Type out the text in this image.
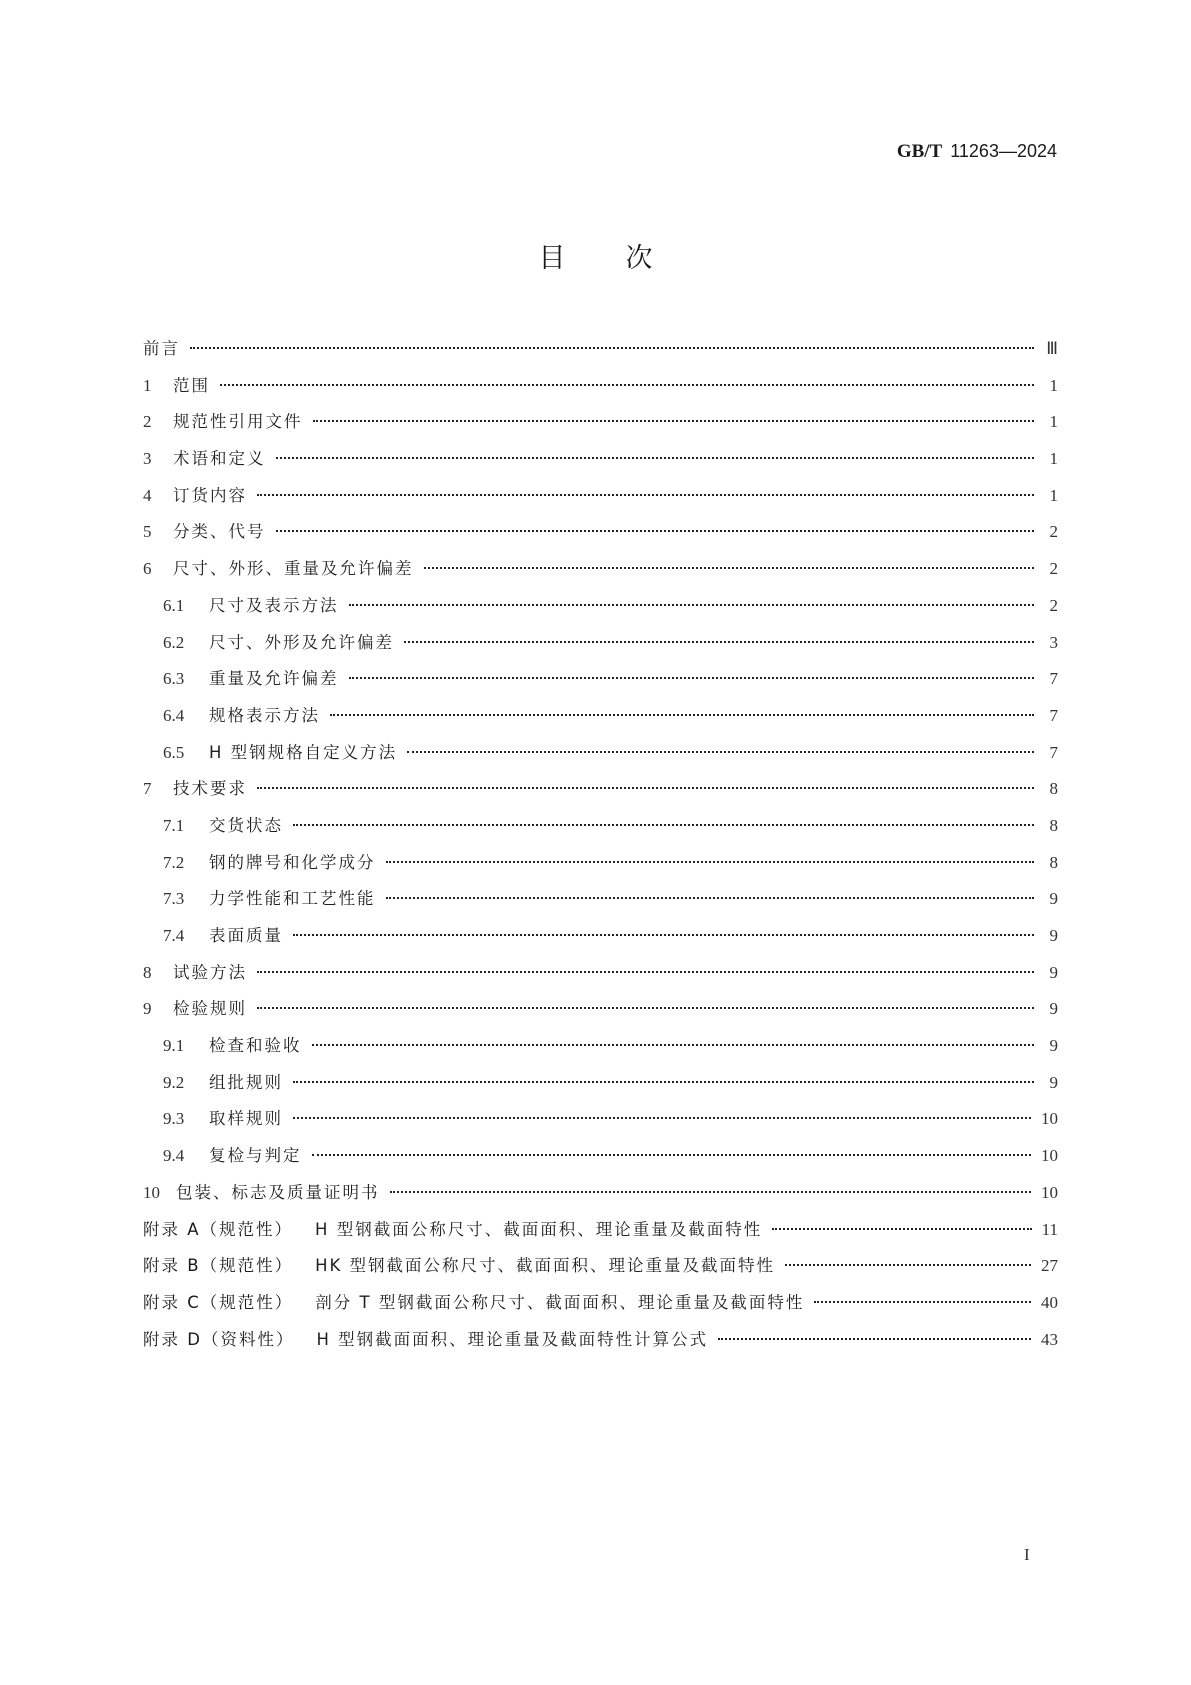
GB/T 11263—2024
目次
前言	Ⅲ
1	范围	1
2	规范性引用文件	1
3	术语和定义	1
4	订货内容	1
5	分类、代号	2
6	尺寸、外形、重量及允许偏差	2
6.1	尺寸及表示方法	2
6.2	尺寸、外形及允许偏差	3
6.3	重量及允许偏差	7
6.4	规格表示方法	7
6.5	H 型钢规格自定义方法	7
7	技术要求	8
7.1	交货状态	8
7.2	钢的牌号和化学成分	8
7.3	力学性能和工艺性能	9
7.4	表面质量	9
8	试验方法	9
9	检验规则	9
9.1	检查和验收	9
9.2	组批规则	9
9.3	取样规则	10
9.4	复检与判定	10
10 包装、标志及质量证明书	10
附录 A（规范性） H 型钢截面公称尺寸、截面面积、理论重量及截面特性	11
附录 B（规范性） HK 型钢截面公称尺寸、截面面积、理论重量及截面特性	27
附录 C（规范性） 剖分 T 型钢截面公称尺寸、截面面积、理论重量及截面特性	40
附录 D（资料性） H 型钢截面面积、理论重量及截面特性计算公式	43
I
